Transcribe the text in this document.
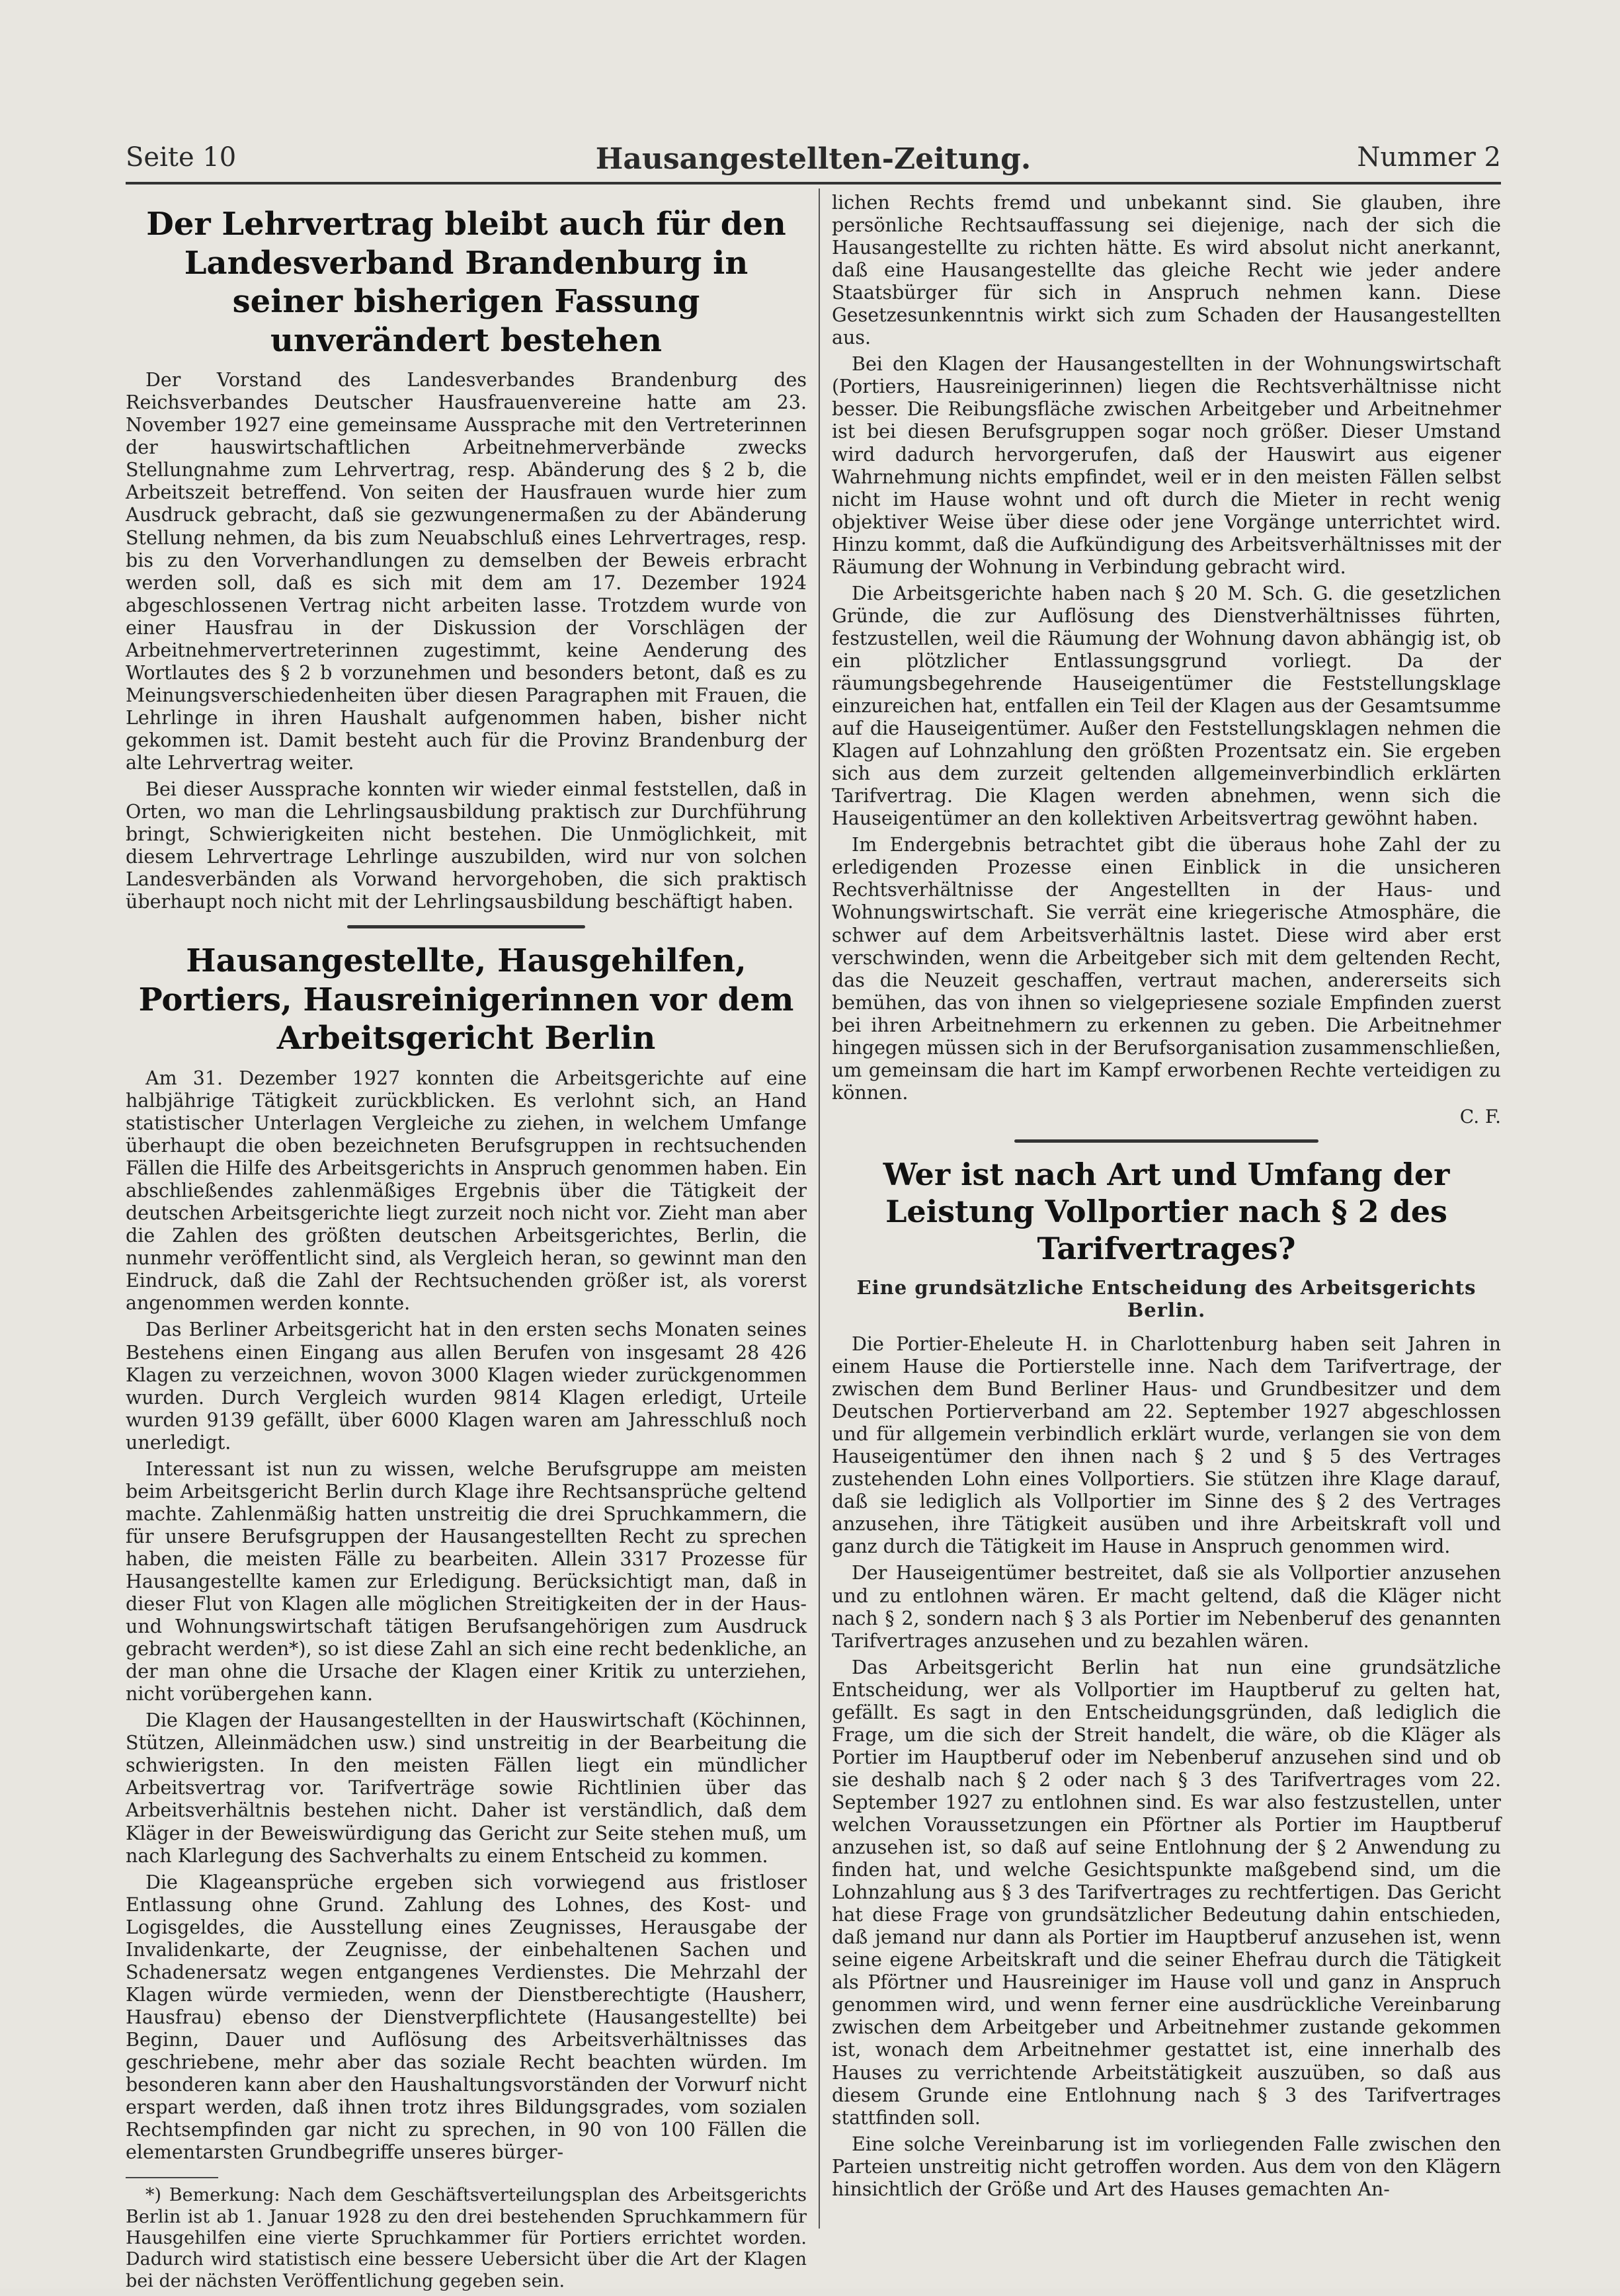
Seite 10	Hausangestellten-Zeitung.	Nummer 2
Der Lehrvertrag bleibt auch für den Landesverband Brandenburg in seiner bisherigen Fassung unverändert bestehen

Der Vorstand des Landesverbandes Brandenburg des Reichsverbandes Deutscher Hausfrauenvereine hatte am 23. November 1927 eine gemeinsame Aussprache mit den Vertreterinnen der hauswirtschaftlichen Arbeitnehmerverbände zwecks Stellungnahme zum Lehrvertrag, resp. Abänderung des § 2 b, die Arbeitszeit betreffend. Von seiten der Hausfrauen wurde hier zum Ausdruck gebracht, daß sie gezwungenermaßen zu der Abänderung Stellung nehmen, da bis zum Neuabschluß eines Lehrvertrages, resp. bis zu den Vorverhandlungen zu demselben der Beweis erbracht werden soll, daß es sich mit dem am 17. Dezember 1924 abgeschlossenen Vertrag nicht arbeiten lasse. Trotzdem wurde von einer Hausfrau in der Diskussion der Vorschlägen der Arbeitnehmervertreterinnen zugestimmt, keine Aenderung des Wortlautes des § 2 b vorzunehmen und besonders betont, daß es zu Meinungsverschiedenheiten über diesen Paragraphen mit Frauen, die Lehrlinge in ihren Haushalt aufgenommen haben, bisher nicht gekommen ist. Damit besteht auch für die Provinz Brandenburg der alte Lehrvertrag weiter.

Bei dieser Aussprache konnten wir wieder einmal feststellen, daß in Orten, wo man die Lehrlingsausbildung praktisch zur Durchführung bringt, Schwierigkeiten nicht bestehen. Die Unmöglichkeit, mit diesem Lehrvertrage Lehrlinge auszubilden, wird nur von solchen Landesverbänden als Vorwand hervorgehoben, die sich praktisch überhaupt noch nicht mit der Lehrlingsausbildung beschäftigt haben.

Hausangestellte, Hausgehilfen, Portiers, Hausreinigerinnen vor dem Arbeitsgericht Berlin

Am 31. Dezember 1927 konnten die Arbeitsgerichte auf eine halbjährige Tätigkeit zurückblicken. Es verlohnt sich, an Hand statistischer Unterlagen Vergleiche zu ziehen, in welchem Umfange überhaupt die oben bezeichneten Berufsgruppen in rechtsuchenden Fällen die Hilfe des Arbeitsgerichts in Anspruch genommen haben. Ein abschließendes zahlenmäßiges Ergebnis über die Tätigkeit der deutschen Arbeitsgerichte liegt zurzeit noch nicht vor. Zieht man aber die Zahlen des größten deutschen Arbeitsgerichtes, Berlin, die nunmehr veröffentlicht sind, als Vergleich heran, so gewinnt man den Eindruck, daß die Zahl der Rechtsuchenden größer ist, als vorerst angenommen werden konnte.

Das Berliner Arbeitsgericht hat in den ersten sechs Monaten seines Bestehens einen Eingang aus allen Berufen von insgesamt 28 426 Klagen zu verzeichnen, wovon 3000 Klagen wieder zurückgenommen wurden. Durch Vergleich wurden 9814 Klagen erledigt, Urteile wurden 9139 gefällt, über 6000 Klagen waren am Jahresschluß noch unerledigt.

Interessant ist nun zu wissen, welche Berufsgruppe am meisten beim Arbeitsgericht Berlin durch Klage ihre Rechtsansprüche geltend machte. Zahlenmäßig hatten unstreitig die drei Spruchkammern, die für unsere Berufsgruppen der Hausangestellten Recht zu sprechen haben, die meisten Fälle zu bearbeiten. Allein 3317 Prozesse für Hausangestellte kamen zur Erledigung. Berücksichtigt man, daß in dieser Flut von Klagen alle möglichen Streitigkeiten der in der Haus- und Wohnungswirtschaft tätigen Berufsangehörigen zum Ausdruck gebracht werden*), so ist diese Zahl an sich eine recht bedenkliche, an der man ohne die Ursache der Klagen einer Kritik zu unterziehen, nicht vorübergehen kann.

Die Klagen der Hausangestellten in der Hauswirtschaft (Köchinnen, Stützen, Alleinmädchen usw.) sind unstreitig in der Bearbeitung die schwierigsten. In den meisten Fällen liegt ein mündlicher Arbeitsvertrag vor. Tarifverträge sowie Richtlinien über das Arbeitsverhältnis bestehen nicht. Daher ist verständlich, daß dem Kläger in der Beweiswürdigung das Gericht zur Seite stehen muß, um nach Klarlegung des Sachverhalts zu einem Entscheid zu kommen.

Die Klageansprüche ergeben sich vorwiegend aus fristloser Entlassung ohne Grund. Zahlung des Lohnes, des Kost- und Logisgeldes, die Ausstellung eines Zeugnisses, Herausgabe der Invalidenkarte, der Zeugnisse, der einbehaltenen Sachen und Schadenersatz wegen entgangenes Verdienstes. Die Mehrzahl der Klagen würde vermieden, wenn der Dienstberechtigte (Hausherr, Hausfrau) ebenso der Dienstverpflichtete (Hausangestellte) bei Beginn, Dauer und Auflösung des Arbeitsverhältnisses das geschriebene, mehr aber das soziale Recht beachten würden. Im besonderen kann aber den Haushaltungsvorständen der Vorwurf nicht erspart werden, daß ihnen trotz ihres Bildungsgrades, vom sozialen Rechtsempfinden gar nicht zu sprechen, in 90 von 100 Fällen die elementarsten Grundbegriffe unseres bürger-

*) Bemerkung: Nach dem Geschäftsverteilungsplan des Arbeitsgerichts Berlin ist ab 1. Januar 1928 zu den drei bestehenden Spruchkammern für Hausgehilfen eine vierte Spruchkammer für Portiers errichtet worden. Dadurch wird statistisch eine bessere Uebersicht über die Art der Klagen bei der nächsten Veröffentlichung gegeben sein.

lichen Rechts fremd und unbekannt sind. Sie glauben, ihre persönliche Rechtsauffassung sei diejenige, nach der sich die Hausangestellte zu richten hätte. Es wird absolut nicht anerkannt, daß eine Hausangestellte das gleiche Recht wie jeder andere Staatsbürger für sich in Anspruch nehmen kann. Diese Gesetzesunkenntnis wirkt sich zum Schaden der Hausangestellten aus.

Bei den Klagen der Hausangestellten in der Wohnungswirtschaft (Portiers, Hausreinigerinnen) liegen die Rechtsverhältnisse nicht besser. Die Reibungsfläche zwischen Arbeitgeber und Arbeitnehmer ist bei diesen Berufsgruppen sogar noch größer. Dieser Umstand wird dadurch hervorgerufen, daß der Hauswirt aus eigener Wahrnehmung nichts empfindet, weil er in den meisten Fällen selbst nicht im Hause wohnt und oft durch die Mieter in recht wenig objektiver Weise über diese oder jene Vorgänge unterrichtet wird. Hinzu kommt, daß die Aufkündigung des Arbeitsverhältnisses mit der Räumung der Wohnung in Verbindung gebracht wird.

Die Arbeitsgerichte haben nach § 20 M. Sch. G. die gesetzlichen Gründe, die zur Auflösung des Dienstverhältnisses führten, festzustellen, weil die Räumung der Wohnung davon abhängig ist, ob ein plötzlicher Entlassungsgrund vorliegt. Da der räumungsbegehrende Hauseigentümer die Feststellungsklage einzureichen hat, entfallen ein Teil der Klagen aus der Gesamtsumme auf die Hauseigentümer. Außer den Feststellungsklagen nehmen die Klagen auf Lohnzahlung den größten Prozentsatz ein. Sie ergeben sich aus dem zurzeit geltenden allgemeinverbindlich erklärten Tarifvertrag. Die Klagen werden abnehmen, wenn sich die Hauseigentümer an den kollektiven Arbeitsvertrag gewöhnt haben.

Im Endergebnis betrachtet gibt die überaus hohe Zahl der zu erledigenden Prozesse einen Einblick in die unsicheren Rechtsverhältnisse der Angestellten in der Haus- und Wohnungswirtschaft. Sie verrät eine kriegerische Atmosphäre, die schwer auf dem Arbeitsverhältnis lastet. Diese wird aber erst verschwinden, wenn die Arbeitgeber sich mit dem geltenden Recht, das die Neuzeit geschaffen, vertraut machen, andererseits sich bemühen, das von ihnen so vielgepriesene soziale Empfinden zuerst bei ihren Arbeitnehmern zu erkennen zu geben. Die Arbeitnehmer hingegen müssen sich in der Berufsorganisation zusammenschließen, um gemeinsam die hart im Kampf erworbenen Rechte verteidigen zu können.

C. F.
Wer ist nach Art und Umfang der Leistung Vollportier nach § 2 des Tarifvertrages?
Eine grundsätzliche Entscheidung des Arbeitsgerichts Berlin.

Die Portier-Eheleute H. in Charlottenburg haben seit Jahren in einem Hause die Portierstelle inne. Nach dem Tarifvertrage, der zwischen dem Bund Berliner Haus- und Grundbesitzer und dem Deutschen Portierverband am 22. September 1927 abgeschlossen und für allgemein verbindlich erklärt wurde, verlangen sie von dem Hauseigentümer den ihnen nach § 2 und § 5 des Vertrages zustehenden Lohn eines Vollportiers. Sie stützen ihre Klage darauf, daß sie lediglich als Vollportier im Sinne des § 2 des Vertrages anzusehen, ihre Tätigkeit ausüben und ihre Arbeitskraft voll und ganz durch die Tätigkeit im Hause in Anspruch genommen wird.

Der Hauseigentümer bestreitet, daß sie als Vollportier anzusehen und zu entlohnen wären. Er macht geltend, daß die Kläger nicht nach § 2, sondern nach § 3 als Portier im Nebenberuf des genannten Tarifvertrages anzusehen und zu bezahlen wären.

Das Arbeitsgericht Berlin hat nun eine grundsätzliche Entscheidung, wer als Vollportier im Hauptberuf zu gelten hat, gefällt. Es sagt in den Entscheidungsgründen, daß lediglich die Frage, um die sich der Streit handelt, die wäre, ob die Kläger als Portier im Hauptberuf oder im Nebenberuf anzusehen sind und ob sie deshalb nach § 2 oder nach § 3 des Tarifvertrages vom 22. September 1927 zu entlohnen sind. Es war also festzustellen, unter welchen Voraussetzungen ein Pförtner als Portier im Hauptberuf anzusehen ist, so daß auf seine Entlohnung der § 2 Anwendung zu finden hat, und welche Gesichtspunkte maßgebend sind, um die Lohnzahlung aus § 3 des Tarifvertrages zu rechtfertigen. Das Gericht hat diese Frage von grundsätzlicher Bedeutung dahin entschieden, daß jemand nur dann als Portier im Hauptberuf anzusehen ist, wenn seine eigene Arbeitskraft und die seiner Ehefrau durch die Tätigkeit als Pförtner und Hausreiniger im Hause voll und ganz in Anspruch genommen wird, und wenn ferner eine ausdrückliche Vereinbarung zwischen dem Arbeitgeber und Arbeitnehmer zustande gekommen ist, wonach dem Arbeitnehmer gestattet ist, eine innerhalb des Hauses zu verrichtende Arbeitstätigkeit auszuüben, so daß aus diesem Grunde eine Entlohnung nach § 3 des Tarifvertrages stattfinden soll.

Eine solche Vereinbarung ist im vorliegenden Falle zwischen den Parteien unstreitig nicht getroffen worden. Aus dem von den Klägern hinsichtlich der Größe und Art des Hauses gemachten An-
